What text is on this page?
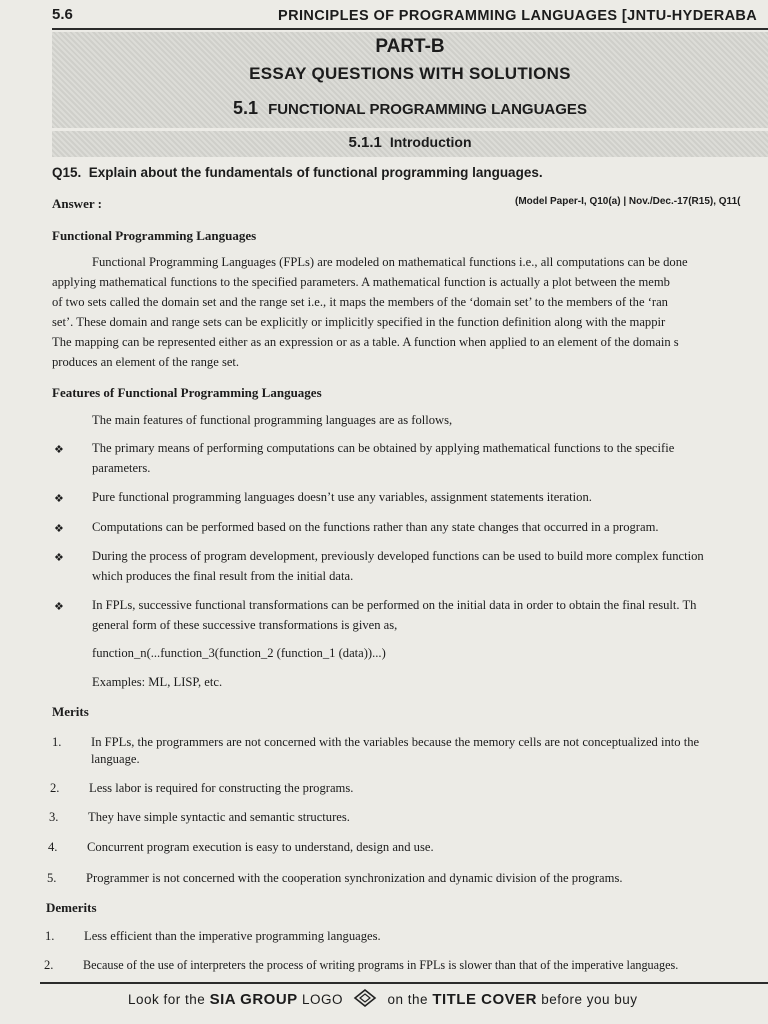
5.6	PRINCIPLES OF PROGRAMMING LANGUAGES [JNTU-HYDERABA
PART-B
ESSAY QUESTIONS WITH SOLUTIONS
5.1 FUNCTIONAL PROGRAMMING LANGUAGES
5.1.1 Introduction
Q15. Explain about the fundamentals of functional programming languages.
Answer :	(Model Paper-I, Q10(a) | Nov./Dec.-17(R15), Q11(
Functional Programming Languages
Functional Programming Languages (FPLs) are modeled on mathematical functions i.e., all computations can be done
applying mathematical functions to the specified parameters. A mathematical function is actually a plot between the memb
of two sets called the domain set and the range set i.e., it maps the members of the ‘domain set’ to the members of the ‘ran
set’. These domain and range sets can be explicitly or implicitly specified in the function definition along with the mappir
The mapping can be represented either as an expression or as a table. A function when applied to an element of the domain s
produces an element of the range set.
Features of Functional Programming Languages
The main features of functional programming languages are as follows,
❖ The primary means of performing computations can be obtained by applying mathematical functions to the specifie
parameters.
❖ Pure functional programming languages doesn’t use any variables, assignment statements iteration.
❖ Computations can be performed based on the functions rather than any state changes that occurred in a program.
❖ During the process of program development, previously developed functions can be used to build more complex function
which produces the final result from the initial data.
❖ In FPLs, successive functional transformations can be performed on the initial data in order to obtain the final result. Th
general form of these successive transformations is given as,
function_n(...function_3(function_2 (function_1 (data))...)
Examples: ML, LISP, etc.
Merits
1. In FPLs, the programmers are not concerned with the variables because the memory cells are not conceptualized into the
language.
2. Less labor is required for constructing the programs.
3. They have simple syntactic and semantic structures.
4. Concurrent program execution is easy to understand, design and use.
5. Programmer is not concerned with the cooperation synchronization and dynamic division of the programs.
Demerits
1. Less efficient than the imperative programming languages.
2. Because of the use of interpreters the process of writing programs in FPLs is slower than that of the imperative languages.
Look for the SIA GROUP LOGO	on the TITLE COVER before you buy
